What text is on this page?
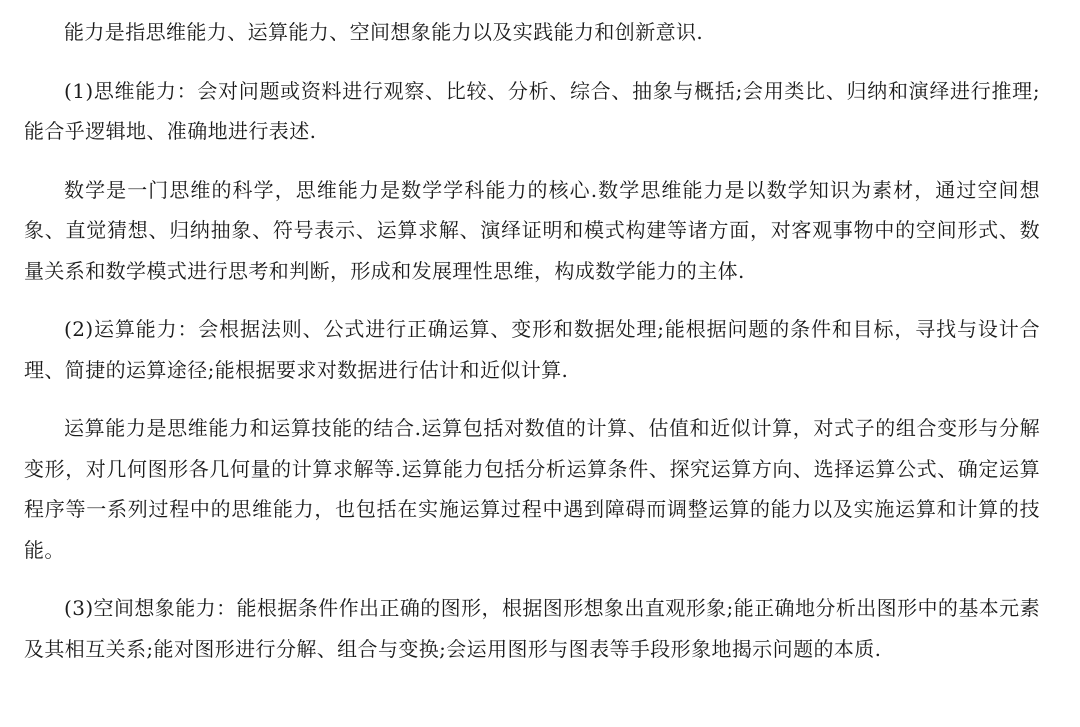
能力是指思维能力、运算能力、空间想象能力以及实践能力和创新意识.

(1)思维能力：会对问题或资料进行观察、比较、分析、综合、抽象与概括;会用类比、归纳和演绎进行推理;能合乎逻辑地、准确地进行表述.

数学是一门思维的科学，思维能力是数学学科能力的核心.数学思维能力是以数学知识为素材，通过空间想象、直觉猜想、归纳抽象、符号表示、运算求解、演绎证明和模式构建等诸方面，对客观事物中的空间形式、数量关系和数学模式进行思考和判断，形成和发展理性思维，构成数学能力的主体.

(2)运算能力：会根据法则、公式进行正确运算、变形和数据处理;能根据问题的条件和目标，寻找与设计合理、简捷的运算途径;能根据要求对数据进行估计和近似计算.

运算能力是思维能力和运算技能的结合.运算包括对数值的计算、估值和近似计算，对式子的组合变形与分解变形，对几何图形各几何量的计算求解等.运算能力包括分析运算条件、探究运算方向、选择运算公式、确定运算程序等一系列过程中的思维能力，也包括在实施运算过程中遇到障碍而调整运算的能力以及实施运算和计算的技能。

(3)空间想象能力：能根据条件作出正确的图形，根据图形想象出直观形象;能正确地分析出图形中的基本元素及其相互关系;能对图形进行分解、组合与变换;会运用图形与图表等手段形象地揭示问题的本质.
